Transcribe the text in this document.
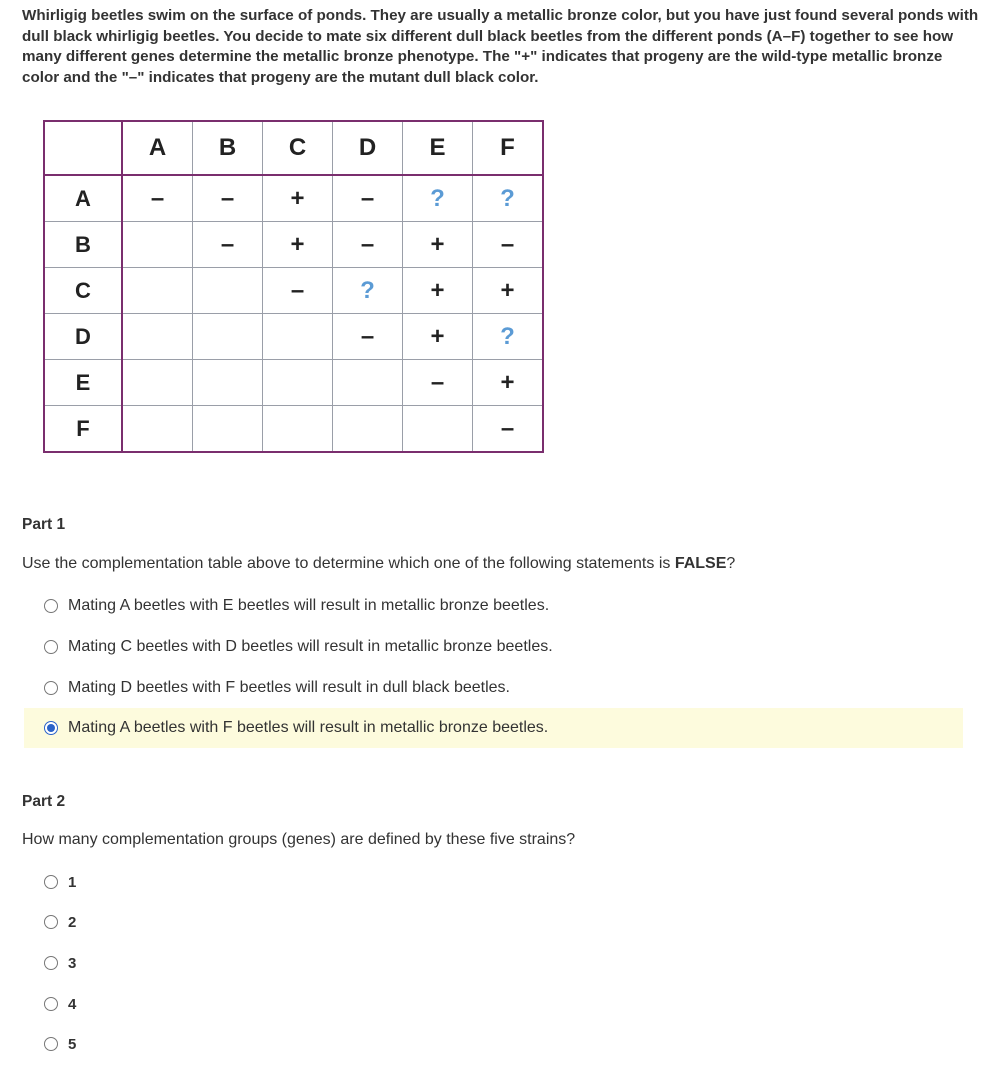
Whirligig beetles swim on the surface of ponds. They are usually a metallic bronze color, but you have just found several ponds with dull black whirligig beetles. You decide to mate six different dull black beetles from the different ponds (A–F) together to see how many different genes determine the metallic bronze phenotype. The "+" indicates that progeny are the wild-type metallic bronze color and the "–" indicates that progeny are the mutant dull black color.
	A	B	C	D	E	F
A	–	–	+	–	?	?
B		–	+	–	+	–
C			–	?	+	+
D				–	+	?
E					–	+
F						–
Part 1
Use the complementation table above to determine which one of the following statements is FALSE?
Mating A beetles with E beetles will result in metallic bronze beetles.
Mating C beetles with D beetles will result in metallic bronze beetles.
Mating D beetles with F beetles will result in dull black beetles.
Mating A beetles with F beetles will result in metallic bronze beetles.
Part 2
How many complementation groups (genes) are defined by these five strains?
1
2
3
4
5
